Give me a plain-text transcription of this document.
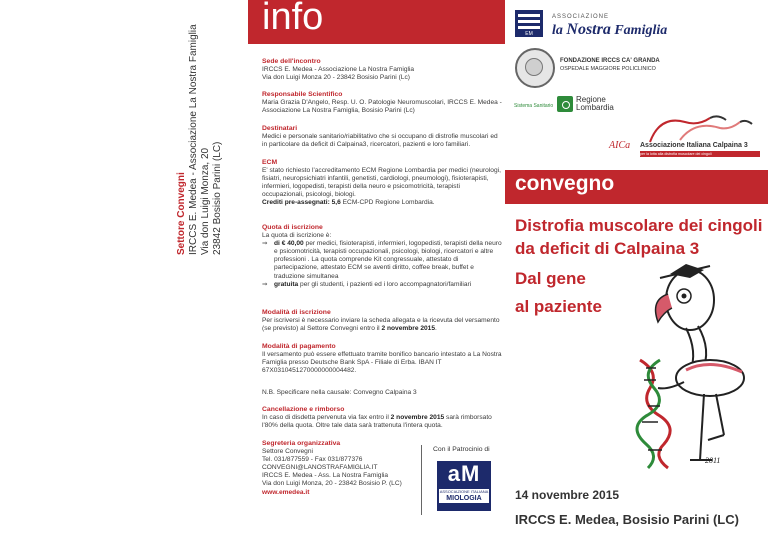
Settore Convegni IRCCS E. Medea - Associazione La Nostra Famiglia Via don Luigi Monza, 20 23842 Bosisio Parini (LC)
info
Sede dell'incontro

IRCCS E. Medea - Associazione La Nostra Famiglia
Via don Luigi Monza 20 - 23842 Bosisio Parini (Lc)

Responsabile Scientifico

Maria Grazia D'Angelo, Resp. U. O. Patologie Neuromuscolari, IRCCS E. Medea - Associazione La Nostra Famiglia, Bosisio Parini (Lc)

Destinatari

Medici e personale sanitario/riabilitativo che si occupano di distrofie muscolari ed in particolare da deficit di Calpaina3, ricercatori, pazienti e loro familiari.

ECM

E' stato richiesto l'accreditamento ECM Regione Lombardia per medici (neurologi, fisiatri, neuropsichiatri infantili, genetisti, cardiologi, pneumologi), fisioterapisti, infermieri, logopedisti, terapisti della neuro e psicomotricità, terapisti occupazionali, psicologi, biologi.

Crediti pre-assegnati: 5,6 ECM-CPD Regione Lombardia.

Quota di iscrizione

La quota di iscrizione è:

⇒ di € 40,00 per medici, fisioterapisti, infermieri, logopedisti, terapisti della neuro e psicomotricità, terapisti occupazionali, psicologi, biologi, ricercatori e altre professioni . La quota comprende Kit congressuale, attestato di partecipazione, attestato ECM se aventi diritto, coffee break, buffet e traduzione simultanea

⇒ gratuita per gli studenti, i pazienti ed i loro accompagnatori/familiari

Modalità di iscrizione

Per iscriversi è necessario inviare la scheda allegata e la ricevuta del versamento (se previsto) al Settore Convegni entro il 2 novembre 2015.

Modalità di pagamento

Il versamento può essere effettuato tramite bonifico bancario intestato a La Nostra Famiglia presso Deutsche Bank SpA - Filiale di Erba. IBAN IT 67X0310451270000000004482.

N.B. Specificare nella causale: Convegno Calpaina 3

Cancellazione e rimborso

In caso di disdetta pervenuta via fax entro il 2 novembre 2015 sarà rimborsato l'80% della quota. Oltre tale data sarà trattenuta l'intera quota.

Segreteria organizzativa

Settore Convegni

Tel. 031/877559 - Fax 031/877376

CONVEGNI@LANOSTRAFAMIGLIA.IT

IRCCS E. Medea - Ass. La Nostra Famiglia

Via don Luigi Monza, 20 - 23842 Bosisio P. (LC)

www.emedea.it

Con il Patrocinio di
aM
ASSOCIAZIONE ITALIANA
MIOLOGIA
EM
ASSOCIAZIONE
la Nostra Famiglia
FONDAZIONE IRCCS CA' GRANDA
OSPEDALE MAGGIORE POLICLINICO
Sistema Sanitario
Regione
Lombardia
AICa Associazione Italiana Calpaina 3
per la lotta alla distrofia muscolare dei cingoli
convegno
Distrofia muscolare dei cingoli
da deficit di Calpaina 3
Dal gene
al paziente
2011
14 novembre 2015
IRCCS E. Medea, Bosisio Parini (LC)
